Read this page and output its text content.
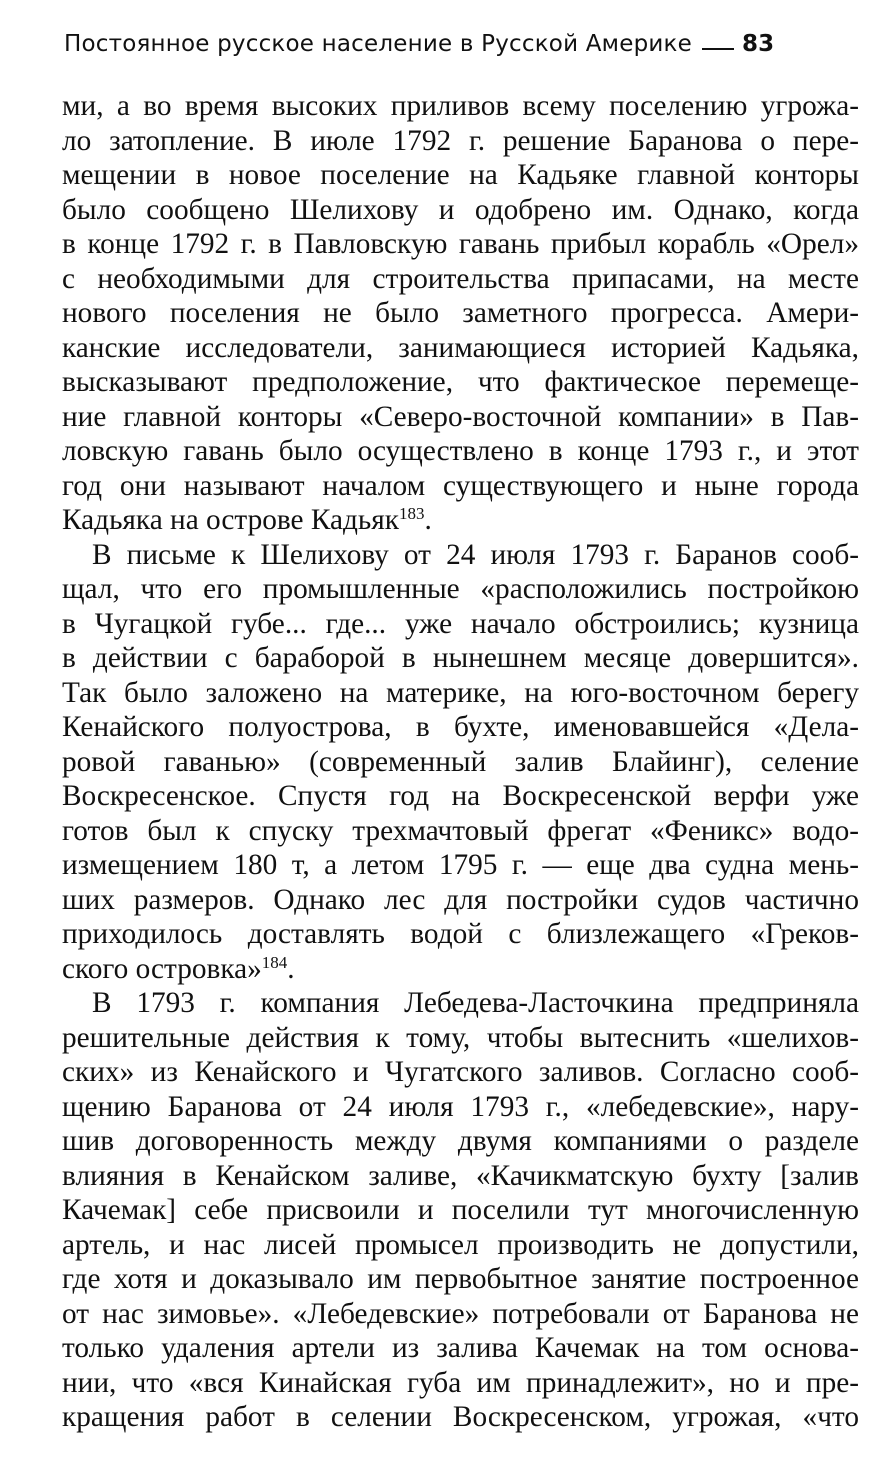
Постоянное русское население в Русской Америке 83
ми, а во время высоких приливов всему поселению угрожа-
ло затопление. В июле 1792 г. решение Баранова о пере-
мещении в новое поселение на Кадьяке главной конторы
было сообщено Шелихову и одобрено им. Однако, когда
в конце 1792 г. в Павловскую гавань прибыл корабль «Орел»
с необходимыми для строительства припасами, на месте
нового поселения не было заметного прогресса. Амери-
канские исследователи, занимающиеся историей Кадьяка,
высказывают предположение, что фактическое перемеще-
ние главной конторы «Северо-восточной компании» в Пав-
ловскую гавань было осуществлено в конце 1793 г., и этот
год они называют началом существующего и ныне города
Кадьяка на острове Кадьяк$^{183}$.
В письме к Шелихову от 24 июля 1793 г. Баранов сооб-
щал, что его промышленные «расположились постройкою
в Чугацкой губе... где... уже начало обстроились; кузница
в действии с бараборой в нынешнем месяце довершится».
Так было заложено на материке, на юго-восточном берегу
Кенайского полуострова, в бухте, именовавшейся «Дела-
ровой гаванью» (современный залив Блайинг), селение
Воскресенское. Спустя год на Воскресенской верфи уже
готов был к спуску трехмачтовый фрегат «Феникс» водо-
измещением 180 т, а летом 1795 г. — еще два судна мень-
ших размеров. Однако лес для постройки судов частично
приходилось доставлять водой с близлежащего «Греков-
ского островка»$^{184}$.
В 1793 г. компания Лебедева-Ласточкина предприняла
решительные действия к тому, чтобы вытеснить «шелихов-
ских» из Кенайского и Чугатского заливов. Согласно сооб-
щению Баранова от 24 июля 1793 г., «лебедевские», нару-
шив договоренность между двумя компаниями о разделе
влияния в Кенайском заливе, «Качикматскую бухту [залив
Качемак] себе присвоили и поселили тут многочисленную
артель, и нас лисей промысел производить не допустили,
где хотя и доказывало им первобытное занятие построенное
от нас зимовье». «Лебедевские» потребовали от Баранова не
только удаления артели из залива Качемак на том основа-
нии, что «вся Кинайская губа им принадлежит», но и пре-
кращения работ в селении Воскресенском, угрожая, «что
